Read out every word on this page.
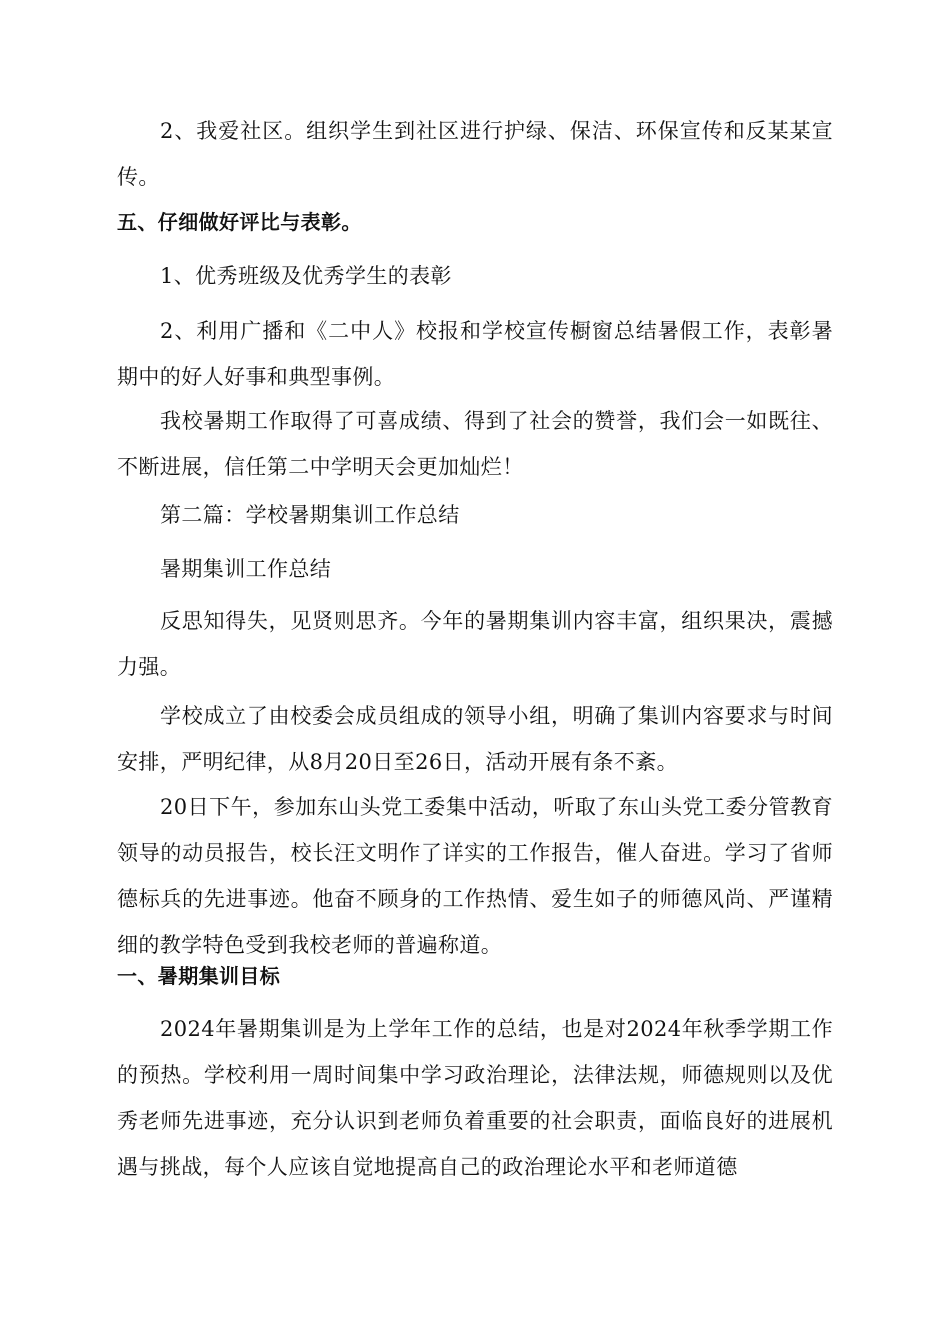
2、我爱社区。组织学生到社区进行护绿、保洁、环保宣传和反某某宣传。

五、仔细做好评比与表彰。

1、优秀班级及优秀学生的表彰

2、利用广播和《二中人》校报和学校宣传橱窗总结暑假工作，表彰暑期中的好人好事和典型事例。

我校暑期工作取得了可喜成绩、得到了社会的赞誉，我们会一如既往、不断进展，信任第二中学明天会更加灿烂！

第二篇：学校暑期集训工作总结

暑期集训工作总结

反思知得失，见贤则思齐。今年的暑期集训内容丰富，组织果决，震撼力强。

学校成立了由校委会成员组成的领导小组，明确了集训内容要求与时间安排，严明纪律，从8月20日至26日，活动开展有条不紊。

20日下午，参加东山头党工委集中活动，听取了东山头党工委分管教育领导的动员报告，校长汪文明作了详实的工作报告，催人奋进。学习了省师德标兵的先进事迹。他奋不顾身的工作热情、爱生如子的师德风尚、严谨精细的教学特色受到我校老师的普遍称道。

一、暑期集训目标

2024年暑期集训是为上学年工作的总结，也是对2024年秋季学期工作的预热。学校利用一周时间集中学习政治理论，法律法规，师德规则以及优秀老师先进事迹，充分认识到老师负着重要的社会职责，面临良好的进展机遇与挑战，每个人应该自觉地提高自己的政治理论水平和老师道德
